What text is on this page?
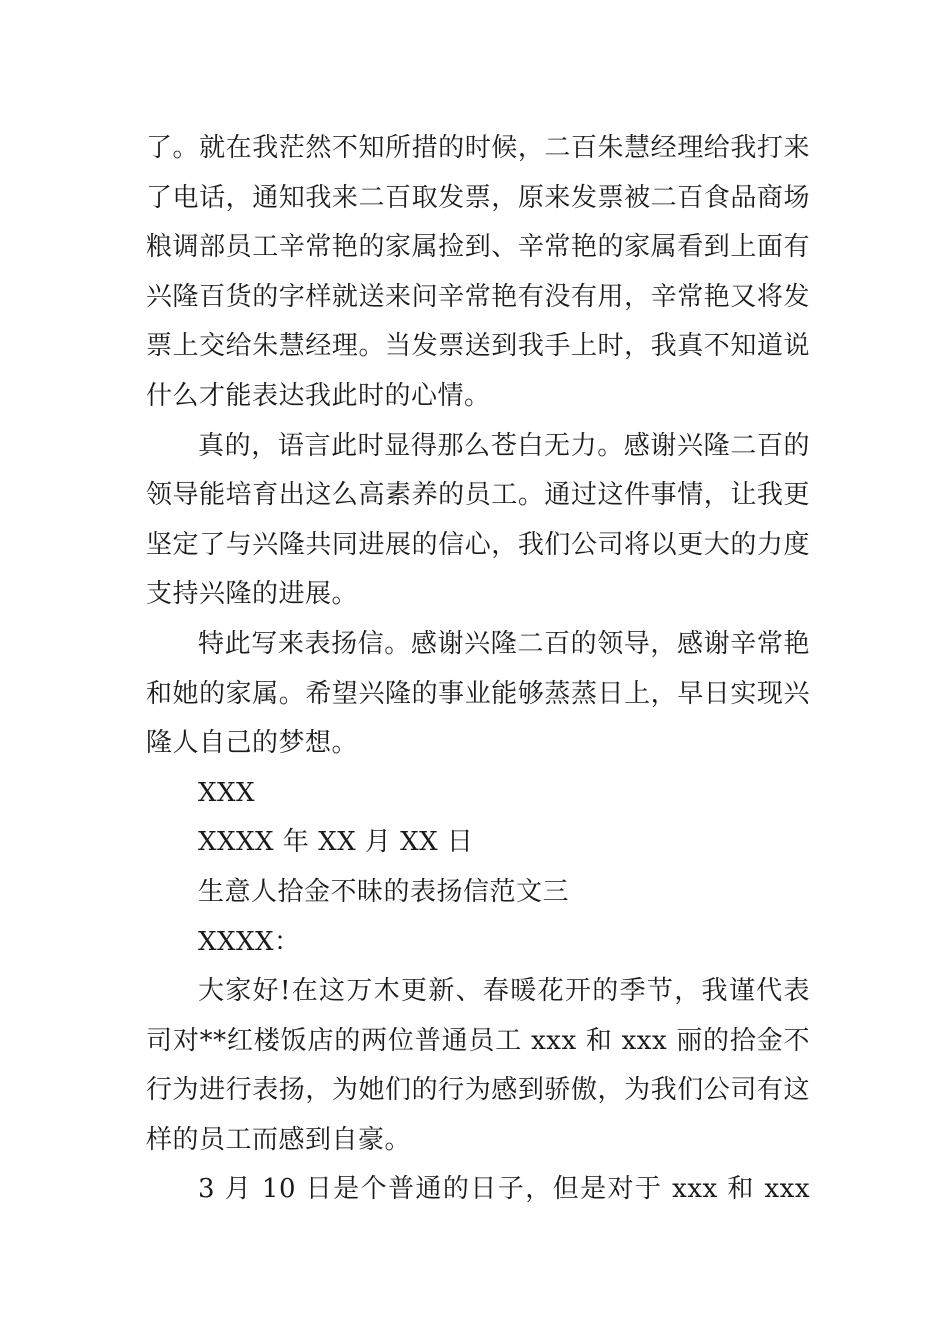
了。就在我茫然不知所措的时候，二百朱慧经理给我打来
了电话，通知我来二百取发票，原来发票被二百食品商场
粮调部员工辛常艳的家属捡到、辛常艳的家属看到上面有
兴隆百货的字样就送来问辛常艳有没有用，辛常艳又将发
票上交给朱慧经理。当发票送到我手上时，我真不知道说
什么才能表达我此时的心情。
真的，语言此时显得那么苍白无力。感谢兴隆二百的
领导能培育出这么高素养的员工。通过这件事情，让我更
坚定了与兴隆共同进展的信心，我们公司将以更大的力度
支持兴隆的进展。
特此写来表扬信。感谢兴隆二百的领导，感谢辛常艳
和她的家属。希望兴隆的事业能够蒸蒸日上，早日实现兴
隆人自己的梦想。
XXX
XXXX 年 XX 月 XX 日
生意人拾金不昧的表扬信范文三
XXXX：
大家好!在这万木更新、春暖花开的季节，我谨代表
司对**红楼饭店的两位普通员工 xxx 和 xxx 丽的拾金不
行为进行表扬，为她们的行为感到骄傲，为我们公司有这
样的员工而感到自豪。
3 月 10 日是个普通的日子，但是对于 xxx 和 xxx
